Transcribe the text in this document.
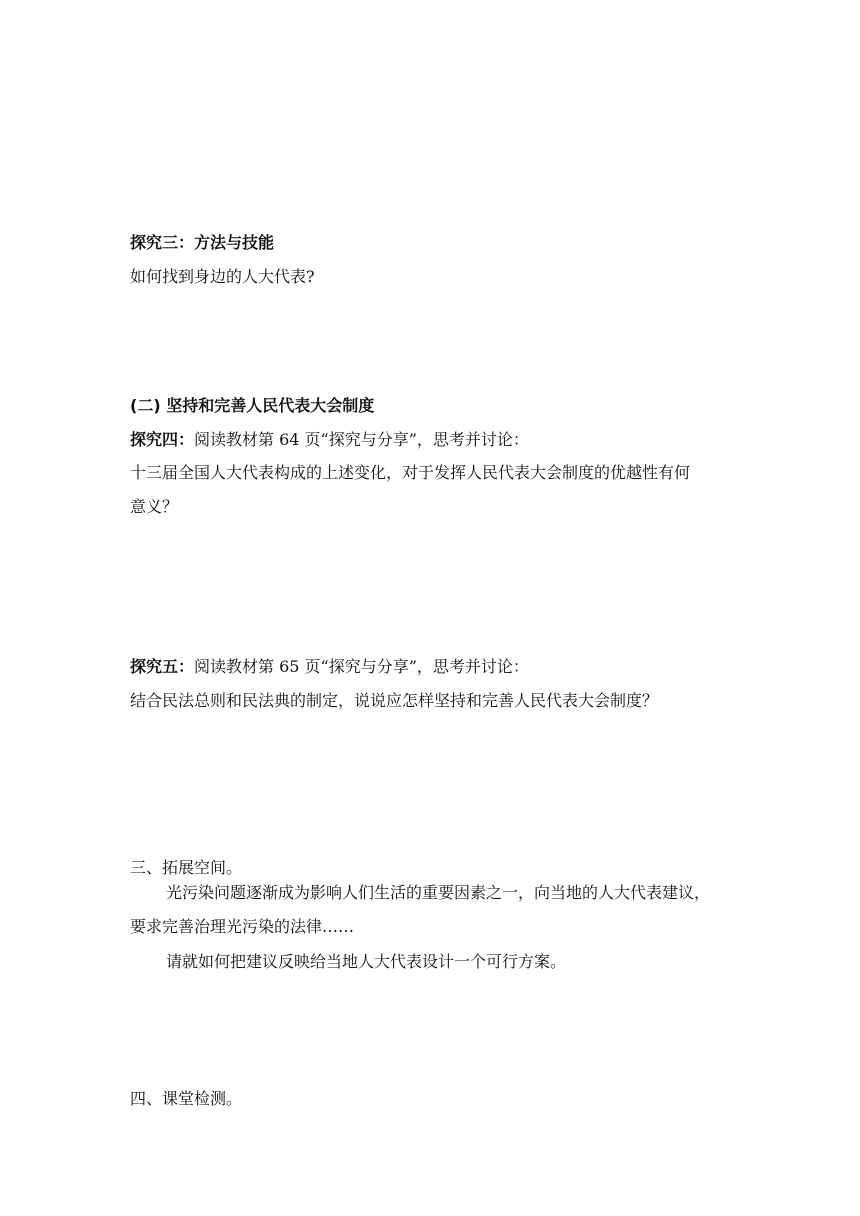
探究三：方法与技能
如何找到身边的人大代表?
(二) 坚持和完善人民代表大会制度
探究四：阅读教材第 64 页“探究与分享”，思考并讨论：
十三届全国人大代表构成的上述变化，对于发挥人民代表大会制度的优越性有何
意义？
探究五：阅读教材第 65 页“探究与分享”，思考并讨论：
结合民法总则和民法典的制定，说说应怎样坚持和完善人民代表大会制度？
三、拓展空间。
光污染问题逐渐成为影响人们生活的重要因素之一，向当地的人大代表建议，
要求完善治理光污染的法律……
请就如何把建议反映给当地人大代表设计一个可行方案。
四、课堂检测。
